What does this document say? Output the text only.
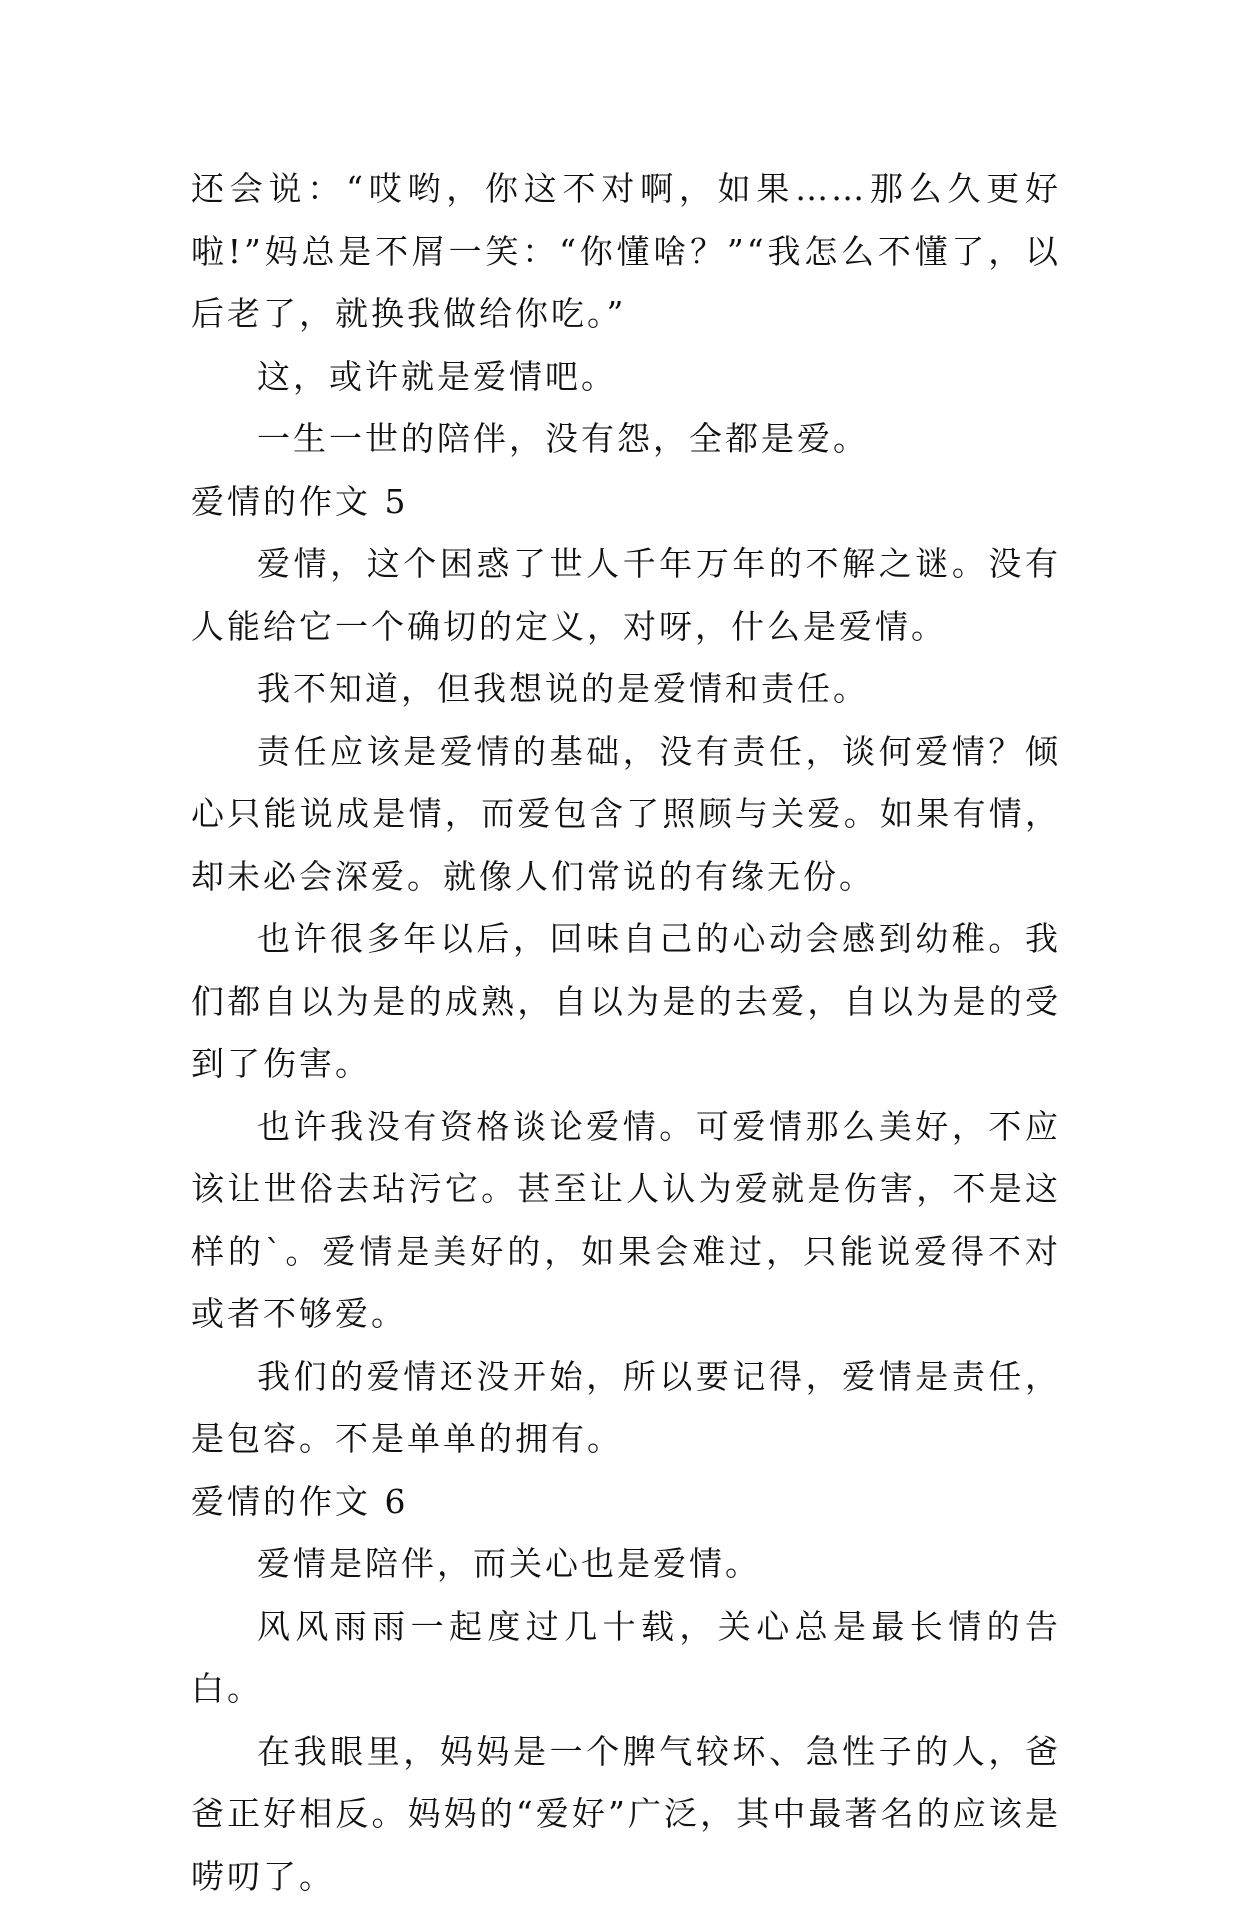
还会说：“哎哟，你这不对啊，如果……那么久更好啦!”妈总是不屑一笑：“你懂啥？”“我怎么不懂了，以后老了，就换我做给你吃。”

这，或许就是爱情吧。

一生一世的陪伴，没有怨，全都是爱。

爱情的作文 5

爱情，这个困惑了世人千年万年的不解之谜。没有人能给它一个确切的定义，对呀，什么是爱情。

我不知道，但我想说的是爱情和责任。

责任应该是爱情的基础，没有责任，谈何爱情？倾心只能说成是情，而爱包含了照顾与关爱。如果有情，却未必会深爱。就像人们常说的有缘无份。

也许很多年以后，回味自己的心动会感到幼稚。我们都自以为是的成熟，自以为是的去爱，自以为是的受到了伤害。

也许我没有资格谈论爱情。可爱情那么美好，不应该让世俗去玷污它。甚至让人认为爱就是伤害，不是这样的`。爱情是美好的，如果会难过，只能说爱得不对或者不够爱。

我们的爱情还没开始，所以要记得，爱情是责任，是包容。不是单单的拥有。

爱情的作文 6

爱情是陪伴，而关心也是爱情。

风风雨雨一起度过几十载，关心总是最长情的告白。

在我眼里，妈妈是一个脾气较坏、急性子的人，爸爸正好相反。妈妈的“爱好”广泛，其中最著名的应该是唠叨了。
